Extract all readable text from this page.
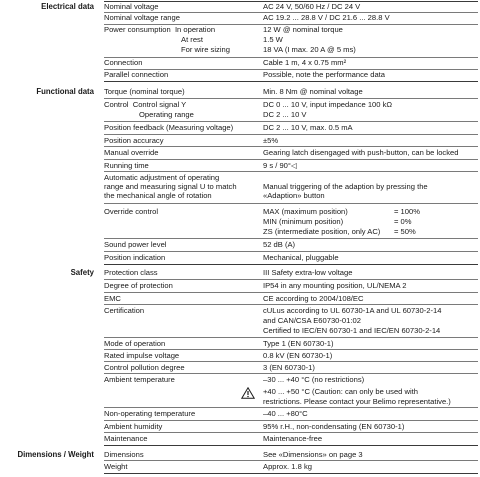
Electrical data Nominal voltage	AC 24 V, 50/60 Hz / DC 24 V
Nominal voltage range	AC 19.2 ... 28.8 V / DC 21.6 ... 28.8 V
Power consumption In operation	12 W @ nominal torque
At rest	1.5 W
For wire sizing	18 VA (I max. 20 A @ 5 ms)
Connection	Cable 1 m, 4 x 0.75 mm²
Parallel connection	Possible, note the performance data
Functional data Torque (nominal torque)	Min. 8 Nm @ nominal voltage
Control Control signal Y	DC 0 ... 10 V, input impedance 100 kΩ
Operating range	DC 2 ... 10 V
Position feedback (Measuring voltage)	DC 2 ... 10 V, max. 0.5 mA
Position accuracy	±5%
Manual override	Gearing latch disengaged with push-button, can be locked
Running time	9 s / 90°◁
Automatic adjustment of operating
range and measuring signal U to match	Manual triggering of the adaption by pressing the
the mechanical angle of rotation	«Adaption» button
Override control	MAX (maximum position)	= 100%
MIN (minimum position)	= 0%
ZS (intermediate position, only AC) = 50%
Sound power level	52 dB (A)
Position indication	Mechanical, pluggable
Safety Protection class	III Safety extra-low voltage
Degree of protection	IP54 in any mounting position, UL/NEMA 2
EMC	CE according to 2004/108/EC
Certification	cULus according to UL 60730-1A and UL 60730-2-14
and CAN/CSA E60730-01:02
Certified to IEC/EN 60730-1 and IEC/EN 60730-2-14
Mode of operation	Type 1 (EN 60730-1)
Rated impulse voltage	0.8 kV (EN 60730-1)
Control pollution degree	3 (EN 60730-1)
Ambient temperature	–30 ... +40 °C (no restrictions)
+40 ... +50 °C (Caution: can only be used with
restrictions. Please contact your Belimo representative.)
Non-operating temperature	–40 ... +80°C
Ambient humidity	95% r.H., non-condensating (EN 60730-1)
Maintenance	Maintenance-free
Dimensions / Weight Dimensions	See «Dimensions» on page 3
Weight	Approx. 1.8 kg
